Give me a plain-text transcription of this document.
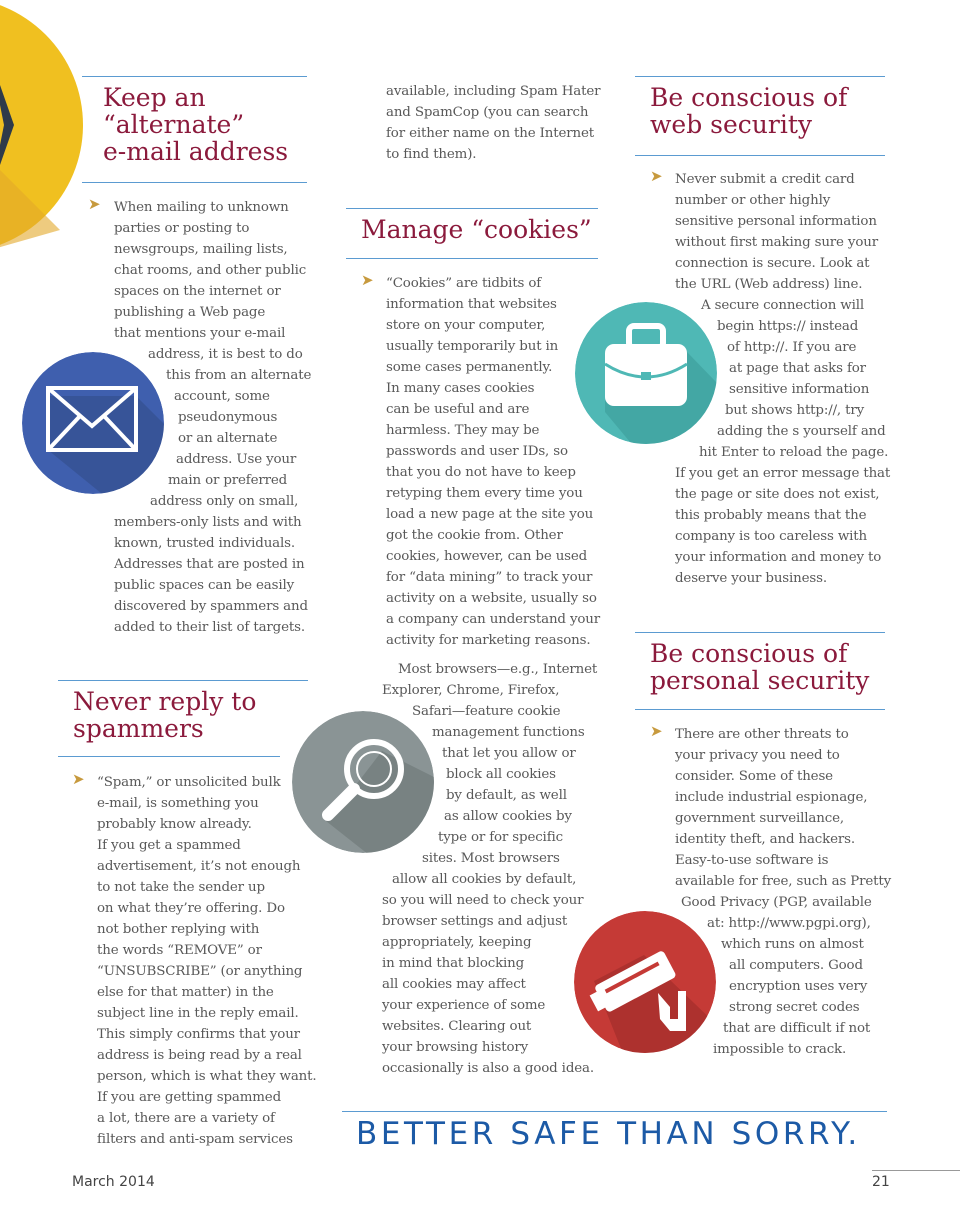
Keep an
“alternate”
e-mail address
➤ When mailing to unknown
parties or posting to
newsgroups, mailing lists,
chat rooms, and other public
spaces on the internet or
publishing a Web page
that mentions your e-mail
address, it is best to do
this from an alternate
account, some
pseudonymous
or an alternate
address. Use your
main or preferred
address only on small,
members-only lists and with
known, trusted individuals.
Addresses that are posted in
public spaces can be easily
discovered by spammers and
added to their list of targets.
Never reply to
spammers
➤ “Spam,” or unsolicited bulk
e-mail, is something you
probably know already.
If you get a spammed
advertisement, it’s not enough
to not take the sender up
on what they’re offering. Do
not bother replying with
the words “REMOVE” or
“UNSUBSCRIBE” (or anything
else for that matter) in the
subject line in the reply email.
This simply confirms that your
address is being read by a real
person, which is what they want.
If you are getting spammed
a lot, there are a variety of
filters and anti-spam services
available, including Spam Hater
and SpamCop (you can search
for either name on the Internet
to find them).
Manage “cookies”
➤ “Cookies” are tidbits of
information that websites
store on your computer,
usually temporarily but in
some cases permanently.
In many cases cookies
can be useful and are
harmless. They may be
passwords and user IDs, so
that you do not have to keep
retyping them every time you
load a new page at the site you
got the cookie from. Other
cookies, however, can be used
for “data mining” to track your
activity on a website, usually so
a company can understand your
activity for marketing reasons.
Most browsers—e.g., Internet
Explorer, Chrome, Firefox,
Safari—feature cookie
management functions
that let you allow or
block all cookies
by default, as well
as allow cookies by
type or for specific
sites. Most browsers
allow all cookies by default,
so you will need to check your
browser settings and adjust
appropriately, keeping
in mind that blocking
all cookies may affect
your experience of some
websites. Clearing out
your browsing history
occasionally is also a good idea.
Be conscious of
web security
➤ Never submit a credit card
number or other highly
sensitive personal information
without first making sure your
connection is secure. Look at
the URL (Web address) line.
A secure connection will
begin https:// instead
of http://. If you are
at page that asks for
sensitive information
but shows http://, try
adding the s yourself and
hit Enter to reload the page.
If you get an error message that
the page or site does not exist,
this probably means that the
company is too careless with
your information and money to
deserve your business.
Be conscious of
personal security
➤ There are other threats to
your privacy you need to
consider. Some of these
include industrial espionage,
government surveillance,
identity theft, and hackers.
Easy-to-use software is
available for free, such as Pretty
Good Privacy (PGP, available
at: http://www.pgpi.org),
which runs on almost
all computers. Good
encryption uses very
strong secret codes
that are difficult if not
impossible to crack.
BETTER SAFE THAN SORRY.
March 2014	21
